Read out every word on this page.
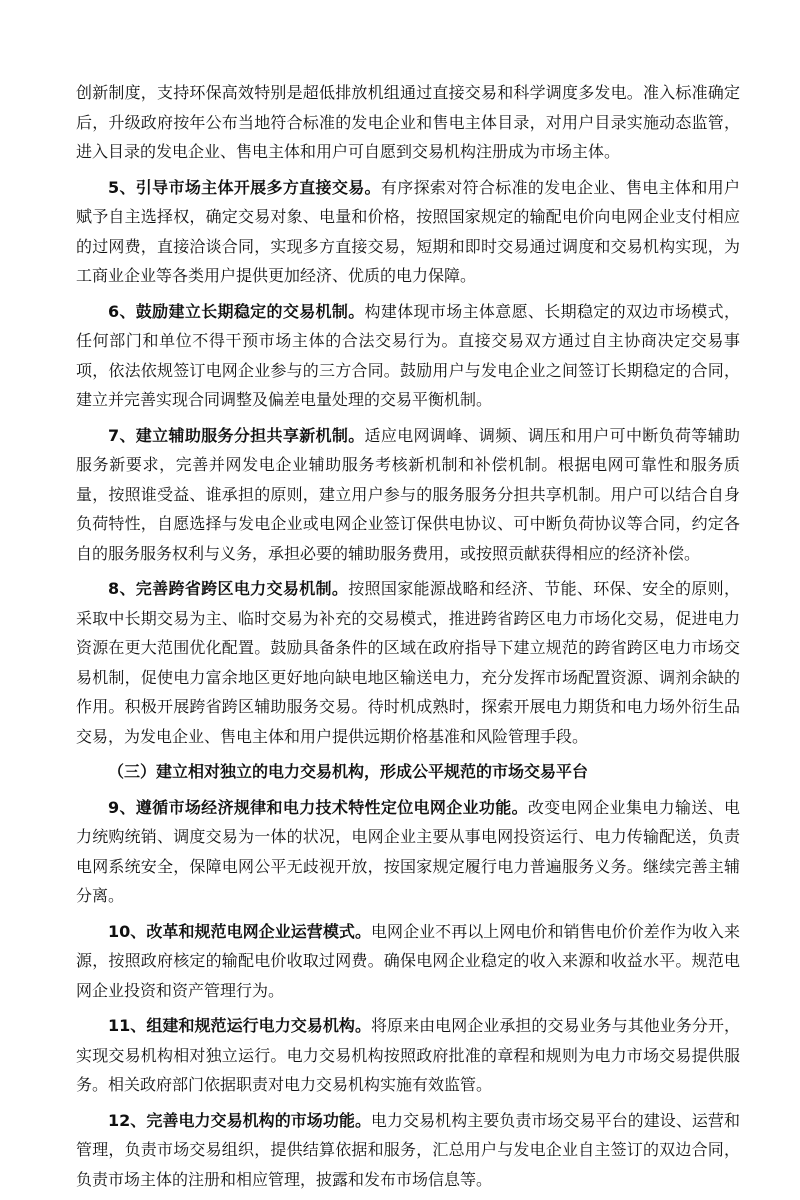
创新制度，支持环保高效特别是超低排放机组通过直接交易和科学调度多发电。准入标准确定后，升级政府按年公布当地符合标准的发电企业和售电主体目录，对用户目录实施动态监管，进入目录的发电企业、售电主体和用户可自愿到交易机构注册成为市场主体。

5、引导市场主体开展多方直接交易。有序探索对符合标准的发电企业、售电主体和用户赋予自主选择权，确定交易对象、电量和价格，按照国家规定的输配电价向电网企业支付相应的过网费，直接洽谈合同，实现多方直接交易，短期和即时交易通过调度和交易机构实现，为工商业企业等各类用户提供更加经济、优质的电力保障。

6、鼓励建立长期稳定的交易机制。构建体现市场主体意愿、长期稳定的双边市场模式，任何部门和单位不得干预市场主体的合法交易行为。直接交易双方通过自主协商决定交易事项，依法依规签订电网企业参与的三方合同。鼓励用户与发电企业之间签订长期稳定的合同，建立并完善实现合同调整及偏差电量处理的交易平衡机制。

7、建立辅助服务分担共享新机制。适应电网调峰、调频、调压和用户可中断负荷等辅助服务新要求，完善并网发电企业辅助服务考核新机制和补偿机制。根据电网可靠性和服务质量，按照谁受益、谁承担的原则，建立用户参与的服务服务分担共享机制。用户可以结合自身负荷特性，自愿选择与发电企业或电网企业签订保供电协议、可中断负荷协议等合同，约定各自的服务服务权利与义务，承担必要的辅助服务费用，或按照贡献获得相应的经济补偿。

8、完善跨省跨区电力交易机制。按照国家能源战略和经济、节能、环保、安全的原则，采取中长期交易为主、临时交易为补充的交易模式，推进跨省跨区电力市场化交易，促进电力资源在更大范围优化配置。鼓励具备条件的区域在政府指导下建立规范的跨省跨区电力市场交易机制，促使电力富余地区更好地向缺电地区输送电力，充分发挥市场配置资源、调剂余缺的作用。积极开展跨省跨区辅助服务交易。待时机成熟时，探索开展电力期货和电力场外衍生品交易，为发电企业、售电主体和用户提供远期价格基准和风险管理手段。

（三）建立相对独立的电力交易机构，形成公平规范的市场交易平台

9、遵循市场经济规律和电力技术特性定位电网企业功能。改变电网企业集电力输送、电力统购统销、调度交易为一体的状况，电网企业主要从事电网投资运行、电力传输配送，负责电网系统安全，保障电网公平无歧视开放，按国家规定履行电力普遍服务义务。继续完善主辅分离。

10、改革和规范电网企业运营模式。电网企业不再以上网电价和销售电价价差作为收入来源，按照政府核定的输配电价收取过网费。确保电网企业稳定的收入来源和收益水平。规范电网企业投资和资产管理行为。

11、组建和规范运行电力交易机构。将原来由电网企业承担的交易业务与其他业务分开，实现交易机构相对独立运行。电力交易机构按照政府批准的章程和规则为电力市场交易提供服务。相关政府部门依据职责对电力交易机构实施有效监管。

12、完善电力交易机构的市场功能。电力交易机构主要负责市场交易平台的建设、运营和管理，负责市场交易组织，提供结算依据和服务，汇总用户与发电企业自主签订的双边合同，负责市场主体的注册和相应管理，披露和发布市场信息等。
